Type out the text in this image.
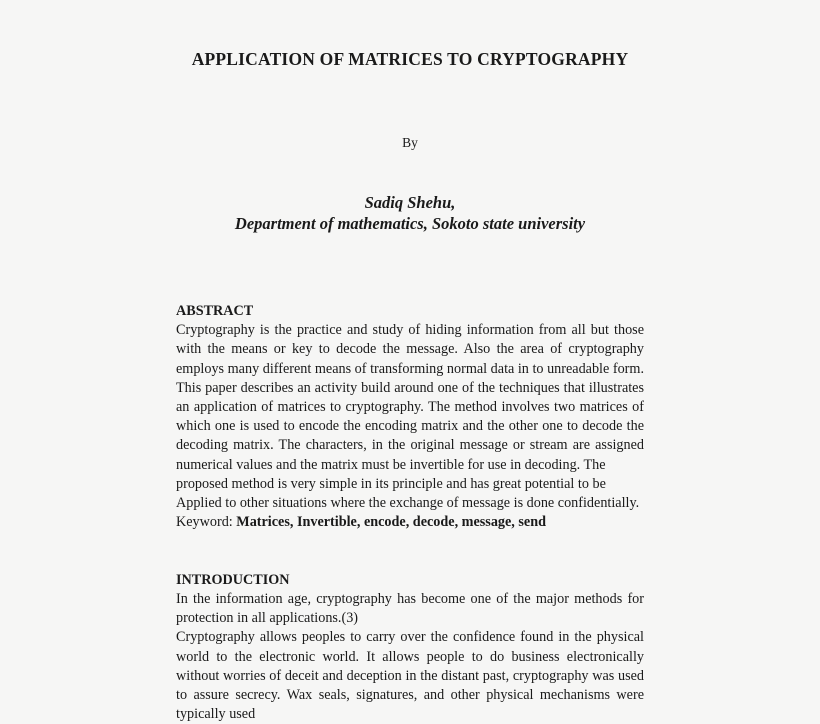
APPLICATION OF MATRICES TO CRYPTOGRAPHY
By
Sadiq Shehu,
Department of mathematics, Sokoto state university
ABSTRACT

Cryptography is the practice and study of hiding information from all but those with the means or key to decode the message. Also the area of cryptography employs many different means of transforming normal data in to unreadable form. This paper describes an activity build around one of the techniques that illustrates an application of matrices to cryptography. The method involves two matrices of which one is used to encode the encoding matrix and the other one to decode the decoding matrix. The characters, in the original message or stream are assigned numerical values and the matrix must be invertible for use in decoding. The

proposed method is very simple in its principle and has great potential to be

Applied to other situations where the exchange of message is done confidentially.

Keyword: Matrices, Invertible, encode, decode, message, send

INTRODUCTION

In the information age, cryptography has become one of the major methods for protection in all applications.(3)

Cryptography allows peoples to carry over the confidence found in the physical world to the electronic world. It allows people to do business electronically without worries of deceit and deception in the distant past, cryptography was used to assure secrecy. Wax seals, signatures, and other physical mechanisms were typically used
